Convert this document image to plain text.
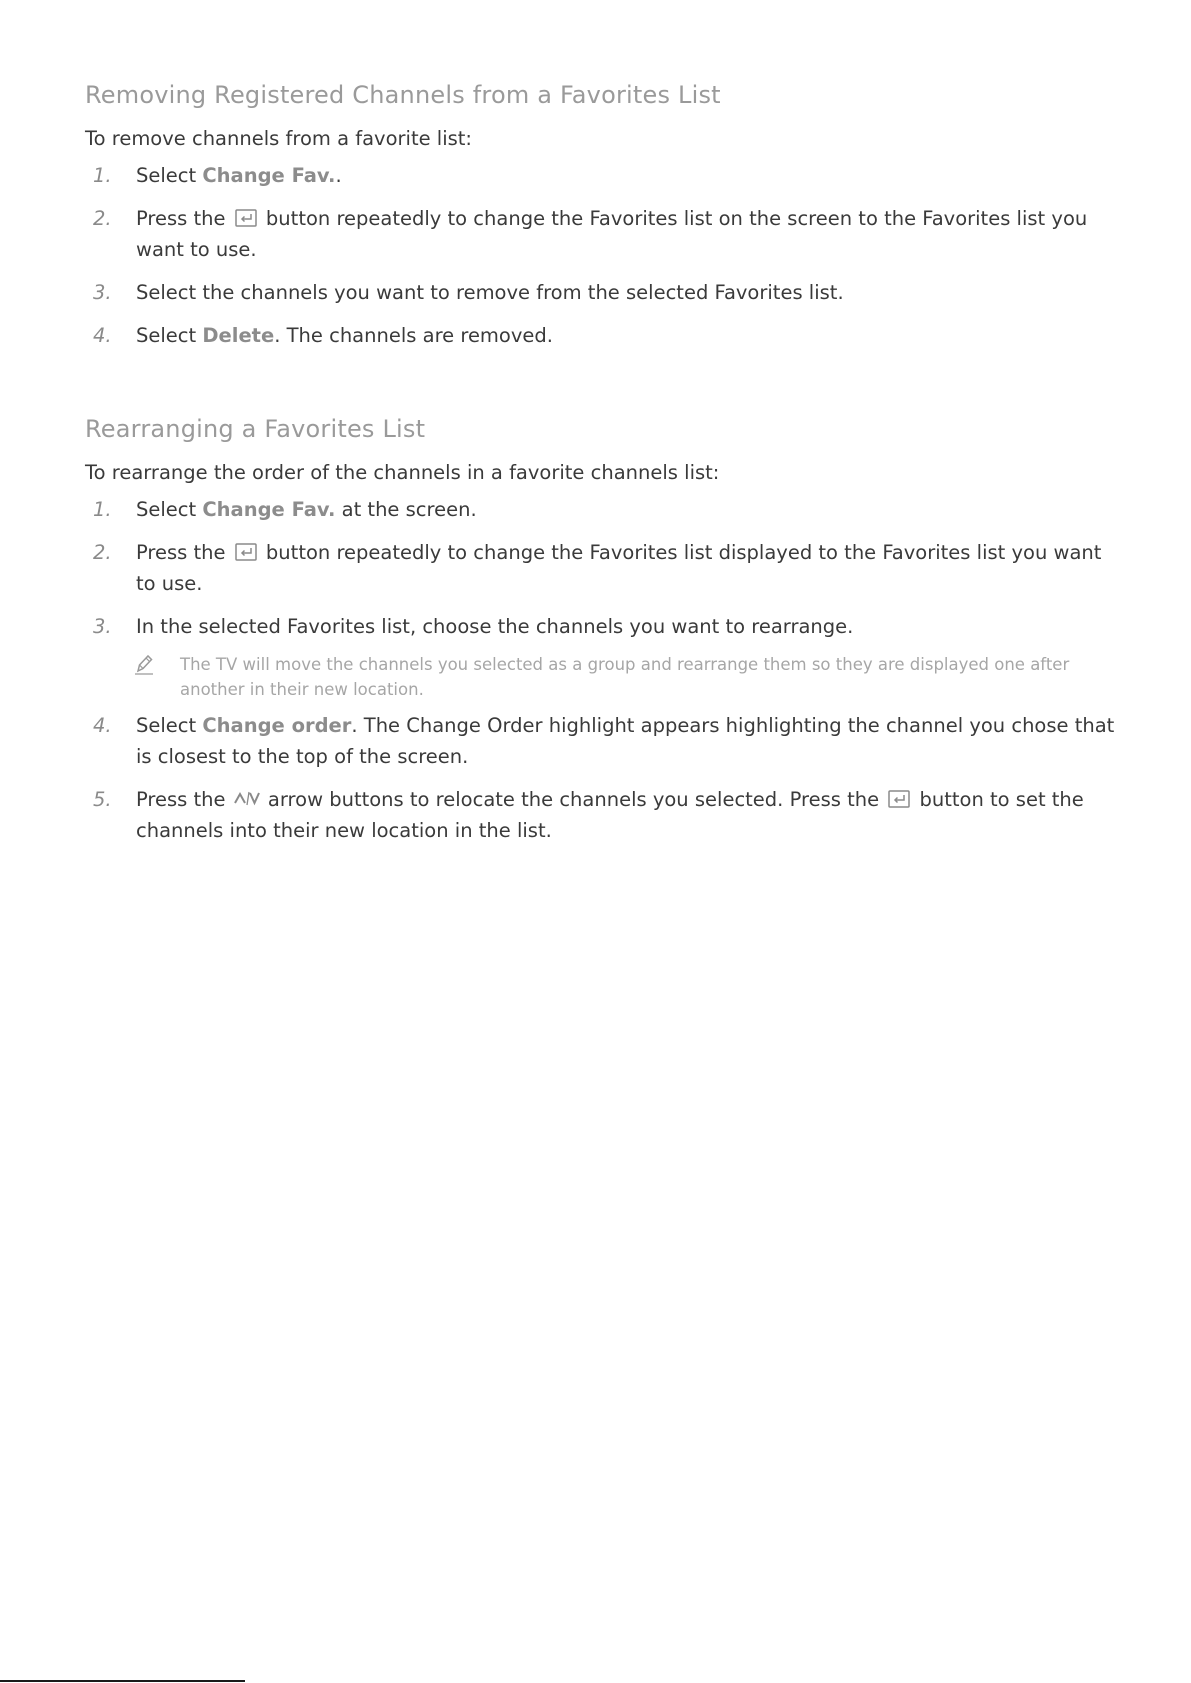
Removing Registered Channels from a Favorites List

To remove channels from a favorite list:

1. Select Change Fav..
2. Press the  button repeatedly to change the Favorites list on the screen to the Favorites list you want to use.
3. Select the channels you want to remove from the selected Favorites list.
4. Select Delete. The channels are removed.
Rearranging a Favorites List

To rearrange the order of the channels in a favorite channels list:

1. Select Change Fav. at the screen.
2. Press the  button repeatedly to change the Favorites list displayed to the Favorites list you want to use.
3. In the selected Favorites list, choose the channels you want to rearrange.
The TV will move the channels you selected as a group and rearrange them so they are displayed one after another in their new location.
4. Select Change order. The Change Order highlight appears highlighting the channel you chose that is closest to the top of the screen.
5. Press the  arrow buttons to relocate the channels you selected. Press the  button to set the channels into their new location in the list.
